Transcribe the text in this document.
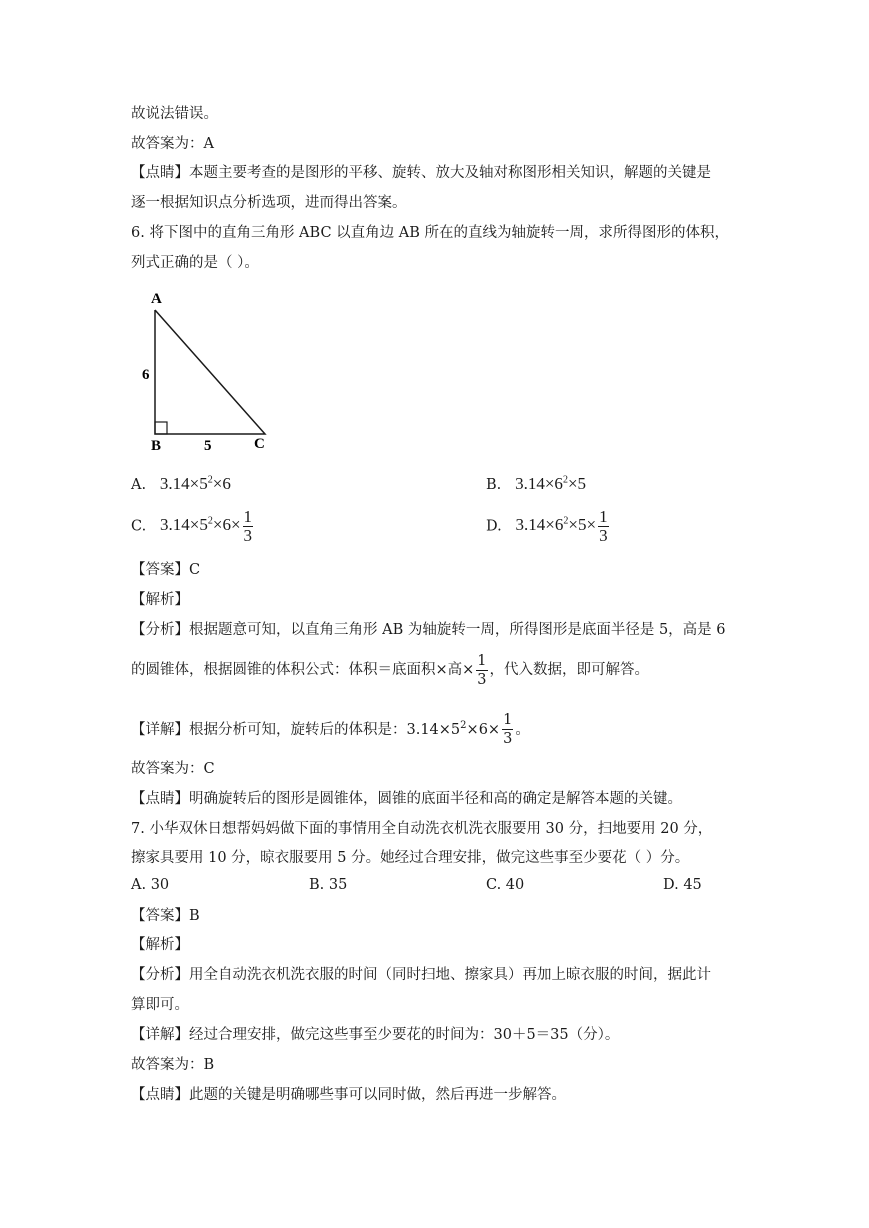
故说法错误。
故答案为：A
【点睛】本题主要考查的是图形的平移、旋转、放大及轴对称图形相关知识，解题的关键是
逐一根据知识点分析选项，进而得出答案。
6. 将下图中的直角三角形 ABC 以直角边 AB 所在的直线为轴旋转一周，求所得图形的体积，
列式正确的是（ ）。
A
6
B	5	C
A. $3.14\times 5^2\times 6$	B. $3.14\times 6^2\times 5$
C. $3.14\times 5^2\times 6\times \frac{1}{3}$	D. $3.14\times 6^2\times 5\times \frac{1}{3}$
【答案】C
【解析】
【分析】根据题意可知，以直角三角形 AB 为轴旋转一周，所得图形是底面半径是 5，高是 6
的圆锥体，根据圆锥的体积公式：体积＝底面积×高× $\frac{1}{3}$ ，代入数据，即可解答。
【详解】根据分析可知，旋转后的体积是：$3.14\times 5^2\times 6\times \frac{1}{3}$ 。
故答案为：C
【点睛】明确旋转后的图形是圆锥体，圆锥的底面半径和高的确定是解答本题的关键。
7. 小华双休日想帮妈妈做下面的事情用全自动洗衣机洗衣服要用 30 分，扫地要用 20 分，
擦家具要用 10 分，晾衣服要用 5 分。她经过合理安排，做完这些事至少要花（ ）分。
A. 30	B. 35	C. 40	D. 45
【答案】B
【解析】
【分析】用全自动洗衣机洗衣服的时间（同时扫地、擦家具）再加上晾衣服的时间，据此计
算即可。
【详解】经过合理安排，做完这些事至少要花的时间为：30＋5＝35（分）。
故答案为：B
【点睛】此题的关键是明确哪些事可以同时做，然后再进一步解答。
